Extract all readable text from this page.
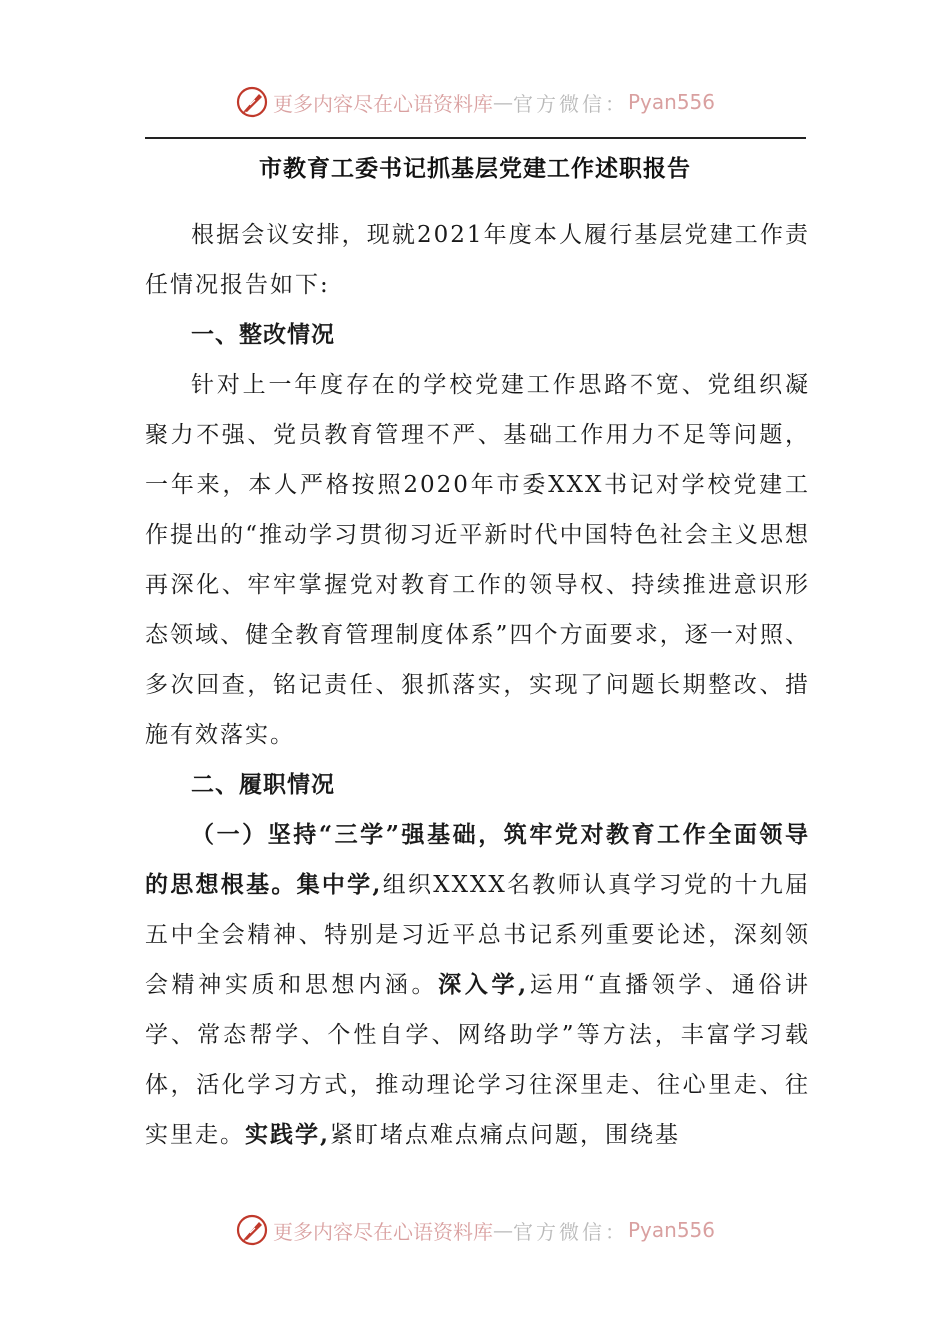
更多内容尽在心语资料库 — 官方微信： Pyan556
市教育工委书记抓基层党建工作述职报告

根据会议安排，现就2021年度本人履行基层党建工作责任情况报告如下:

一、整改情况

针对上一年度存在的学校党建工作思路不宽、党组织凝聚力不强、党员教育管理不严、基础工作用力不足等问题，一年来，本人严格按照2020年市委XXX书记对学校党建工作提出的“推动学习贯彻习近平新时代中国特色社会主义思想再深化、牢牢掌握党对教育工作的领导权、持续推进意识形态领域、健全教育管理制度体系”四个方面要求，逐一对照、多次回查，铭记责任、狠抓落实，实现了问题长期整改、措施有效落实。

二、履职情况

（一）坚持“三学”强基础，筑牢党对教育工作全面领导的思想根基。集中学,组织XXXX名教师认真学习党的十九届五中全会精神、特别是习近平总书记系列重要论述，深刻领会精神实质和思想内涵。深入学,运用“直播领学、通俗讲学、常态帮学、个性自学、网络助学”等方法，丰富学习载体，活化学习方式，推动理论学习往深里走、往心里走、往实里走。实践学,紧盯堵点难点痛点问题，围绕基

更多内容尽在心语资料库 — 官方微信： Pyan556
